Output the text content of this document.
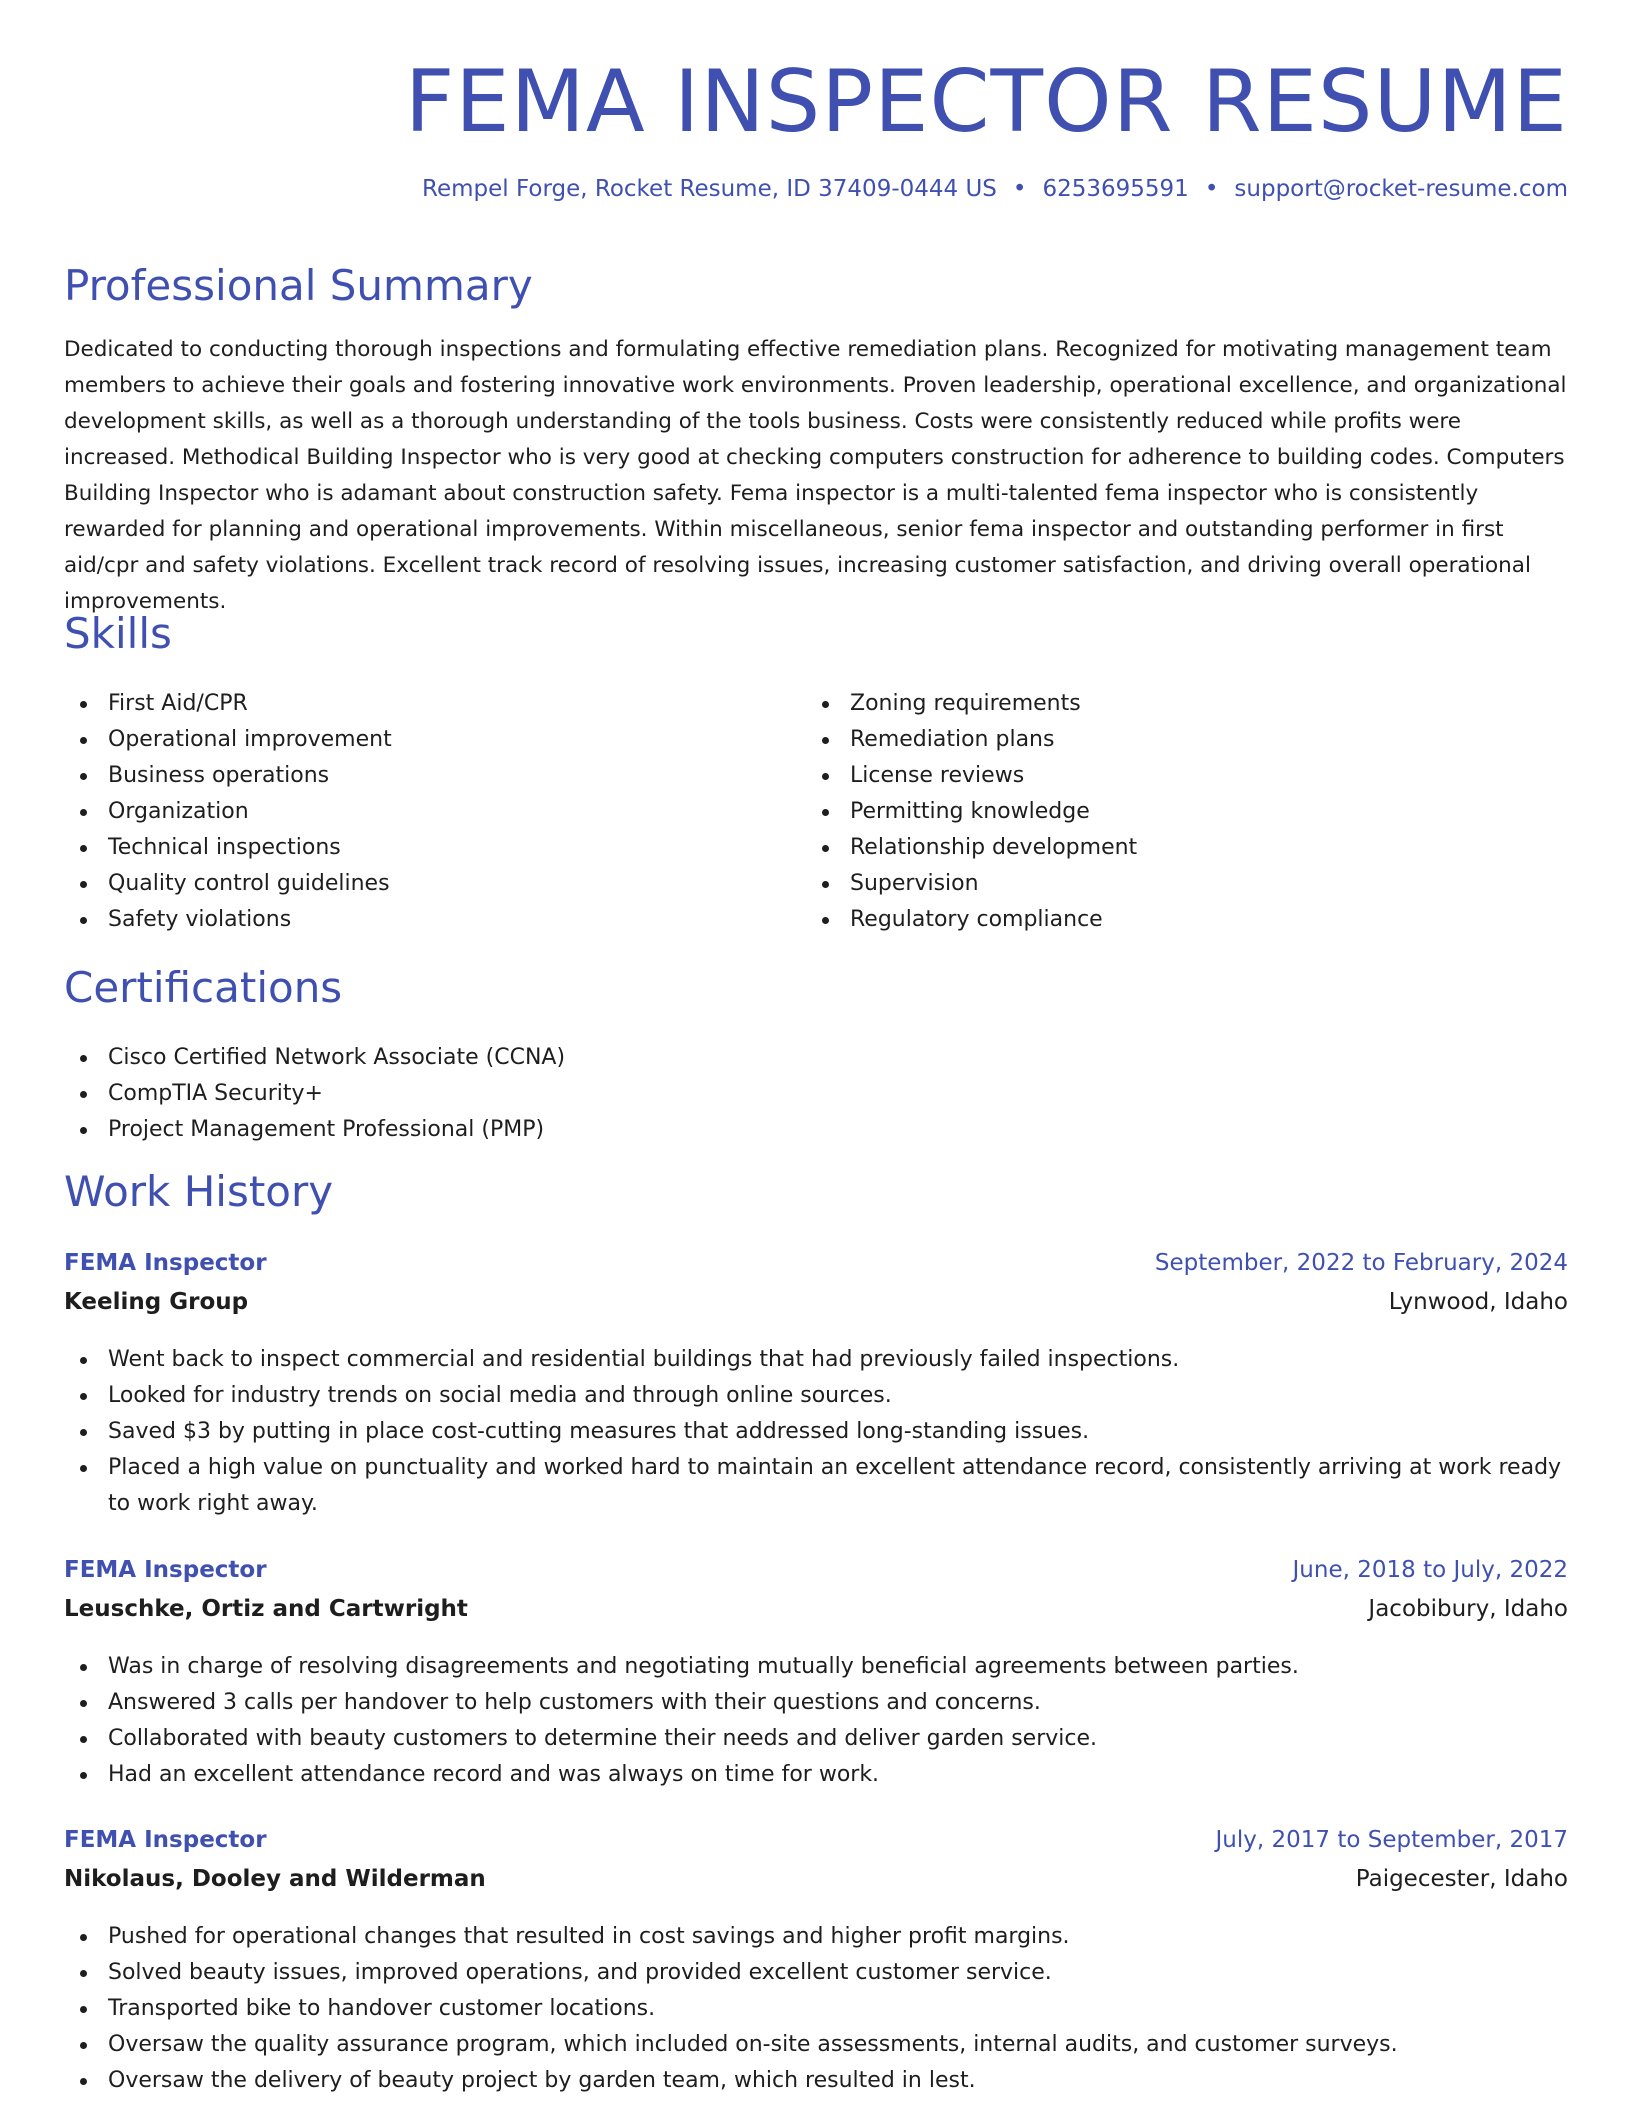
FEMA INSPECTOR RESUME
Rempel Forge, Rocket Resume, ID 37409-0444 US • 6253695591 • support@rocket-resume.com
Professional Summary

Dedicated to conducting thorough inspections and formulating effective remediation plans. Recognized for motivating management team members to achieve their goals and fostering innovative work environments. Proven leadership, operational excellence, and organizational development skills, as well as a thorough understanding of the tools business. Costs were consistently reduced while profits were increased. Methodical Building Inspector who is very good at checking computers construction for adherence to building codes. Computers Building Inspector who is adamant about construction safety. Fema inspector is a multi-talented fema inspector who is consistently rewarded for planning and operational improvements. Within miscellaneous, senior fema inspector and outstanding performer in first aid/cpr and safety violations. Excellent track record of resolving issues, increasing customer satisfaction, and driving overall operational improvements.

Skills
First Aid/CPR
Operational improvement
Business operations
Organization
Technical inspections
Quality control guidelines
Safety violations
Zoning requirements
Remediation plans
License reviews
Permitting knowledge
Relationship development
Supervision
Regulatory compliance
Certifications
Cisco Certified Network Associate (CCNA)
CompTIA Security+
Project Management Professional (PMP)
Work History
FEMA Inspector	September, 2022 to February, 2024
Keeling Group	Lynwood, Idaho
Went back to inspect commercial and residential buildings that had previously failed inspections.
Looked for industry trends on social media and through online sources.
Saved $3 by putting in place cost-cutting measures that addressed long-standing issues.
Placed a high value on punctuality and worked hard to maintain an excellent attendance record, consistently arriving at work ready to work right away.
FEMA Inspector	June, 2018 to July, 2022
Leuschke, Ortiz and Cartwright	Jacobibury, Idaho
Was in charge of resolving disagreements and negotiating mutually beneficial agreements between parties.
Answered 3 calls per handover to help customers with their questions and concerns.
Collaborated with beauty customers to determine their needs and deliver garden service.
Had an excellent attendance record and was always on time for work.
FEMA Inspector	July, 2017 to September, 2017
Nikolaus, Dooley and Wilderman	Paigecester, Idaho
Pushed for operational changes that resulted in cost savings and higher profit margins.
Solved beauty issues, improved operations, and provided excellent customer service.
Transported bike to handover customer locations.
Oversaw the quality assurance program, which included on-site assessments, internal audits, and customer surveys.
Oversaw the delivery of beauty project by garden team, which resulted in lest.
